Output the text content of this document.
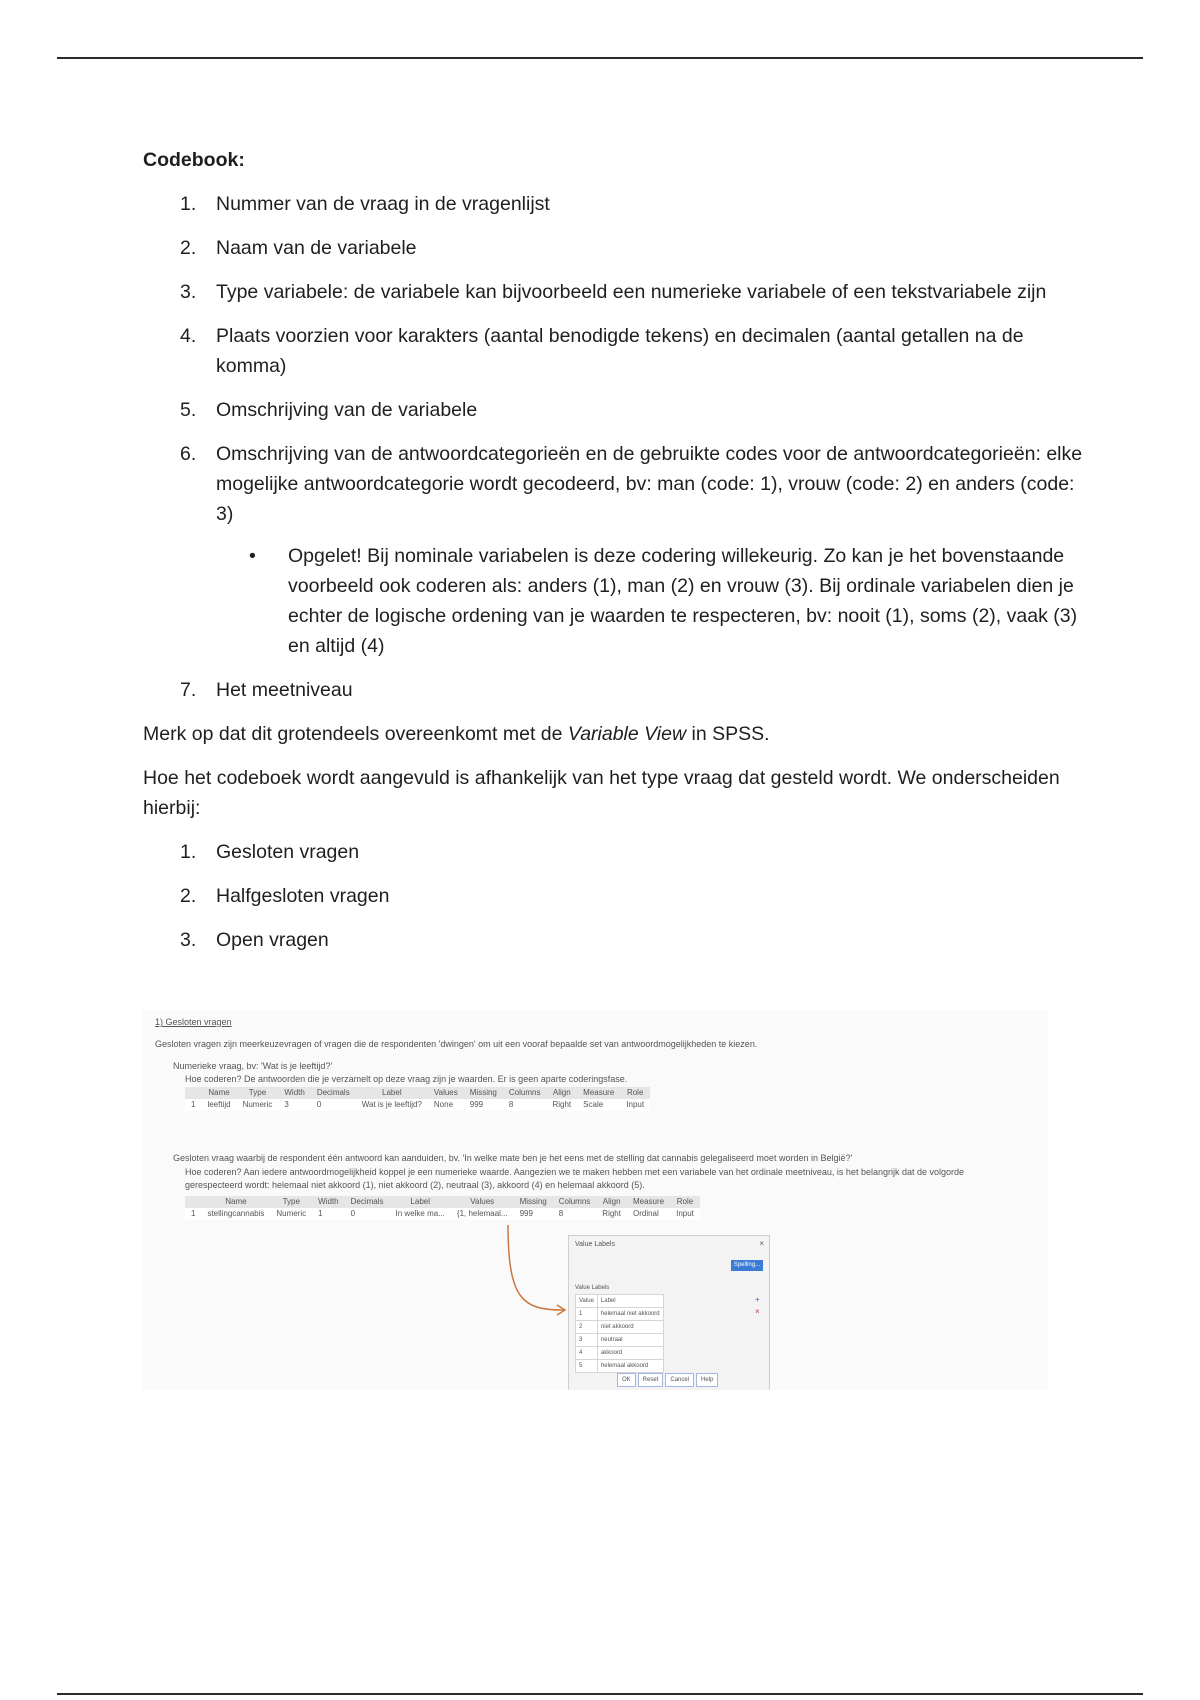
Codebook:
1. Nummer van de vraag in de vragenlijst
2. Naam van de variabele
3. Type variabele: de variabele kan bijvoorbeeld een numerieke variabele of een tekstvariabele zijn
4. Plaats voorzien voor karakters (aantal benodigde tekens) en decimalen (aantal getallen na de komma)
5. Omschrijving van de variabele
6. Omschrijving van de antwoordcategorieën en de gebruikte codes voor de antwoordcategorieën: elke mogelijke antwoordcategorie wordt gecodeerd, bv: man (code: 1), vrouw (code: 2) en anders (code: 3)
• Opgelet! Bij nominale variabelen is deze codering willekeurig. Zo kan je het bovenstaande voorbeeld ook coderen als: anders (1), man (2) en vrouw (3). Bij ordinale variabelen dien je echter de logische ordening van je waarden te respecteren, bv: nooit (1), soms (2), vaak (3) en altijd (4)
7. Het meetniveau

Merk op dat dit grotendeels overeenkomt met de Variable View in SPSS.

Hoe het codeboek wordt aangevuld is afhankelijk van het type vraag dat gesteld wordt. We onderscheiden hierbij:

1. Gesloten vragen
2. Halfgesloten vragen
3. Open vragen
1) Gesloten vragen
Gesloten vragen zijn meerkeuzevragen of vragen die de respondenten 'dwingen' om uit een vooraf bepaalde set van antwoordmogelijkheden te kiezen.
Numerieke vraag, bv: 'Wat is je leeftijd?'
Hoe coderen? De antwoorden die je verzamelt op deze vraag zijn je waarden. Er is geen aparte coderingsfase.
	Name	Type	Width	Decimals	Label	Values	Missing	Columns	Align	Measure	Role
1	leeftijd	Numeric	3	0	Wat is je leeftijd?	None	999	8	Right	Scale	Input
Gesloten vraag waarbij de respondent één antwoord kan aanduiden, bv. 'In welke mate ben je het eens met de stelling dat cannabis gelegaliseerd moet worden in België?'
Hoe coderen? Aan iedere antwoordmogelijkheid koppel je een numerieke waarde. Aangezien we te maken hebben met een variabele van het ordinale meetniveau, is het belangrijk dat de volgorde
gerespecteerd wordt: helemaal niet akkoord (1), niet akkoord (2), neutraal (3), akkoord (4) en helemaal akkoord (5).
	Name	Type	Width	Decimals	Label	Values	Missing	Columns	Align	Measure	Role
1	stellingcannabis	Numeric	1	0	In welke ma...	{1, helemaal...	999	8	Right	Ordinal	Input
Value Labels	×
Spelling...
Value Labels
Value	Label
1	helemaal niet akkoord
2	niet akkoord
3	neutraal
4	akkoord
5	helemaal akkoord
+
×
OK Reset Cancel Help
